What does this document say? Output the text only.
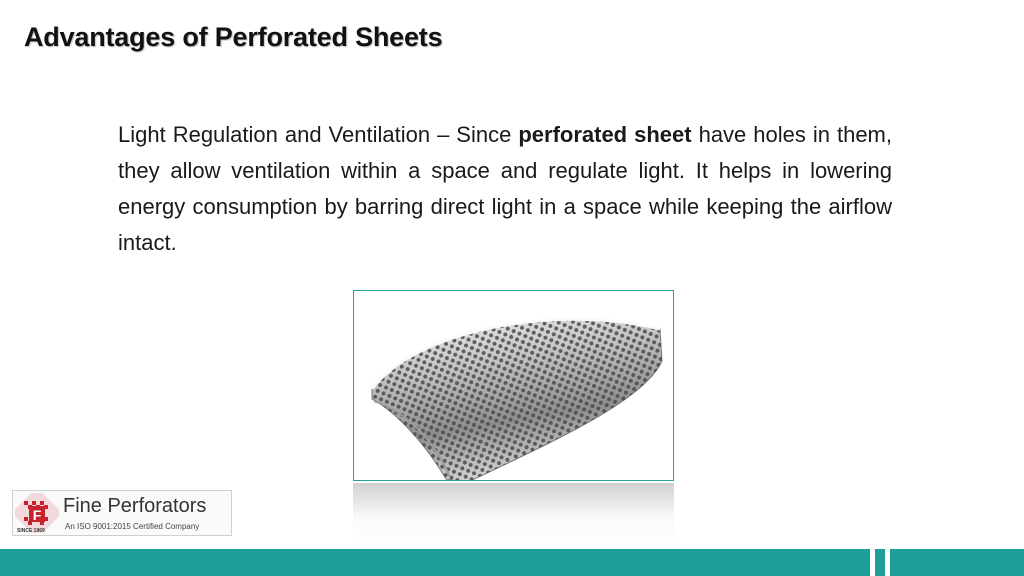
Advantages of Perforated Sheets

Light Regulation and Ventilation – Since perforated sheet have holes in them, they allow ventilation within a space and regulate light. It helps in lowering energy consumption by barring direct light in a space while keeping the airflow intact.

F Fine Perforators
An ISO 9001:2015 Certified Company
SINCE 1969
